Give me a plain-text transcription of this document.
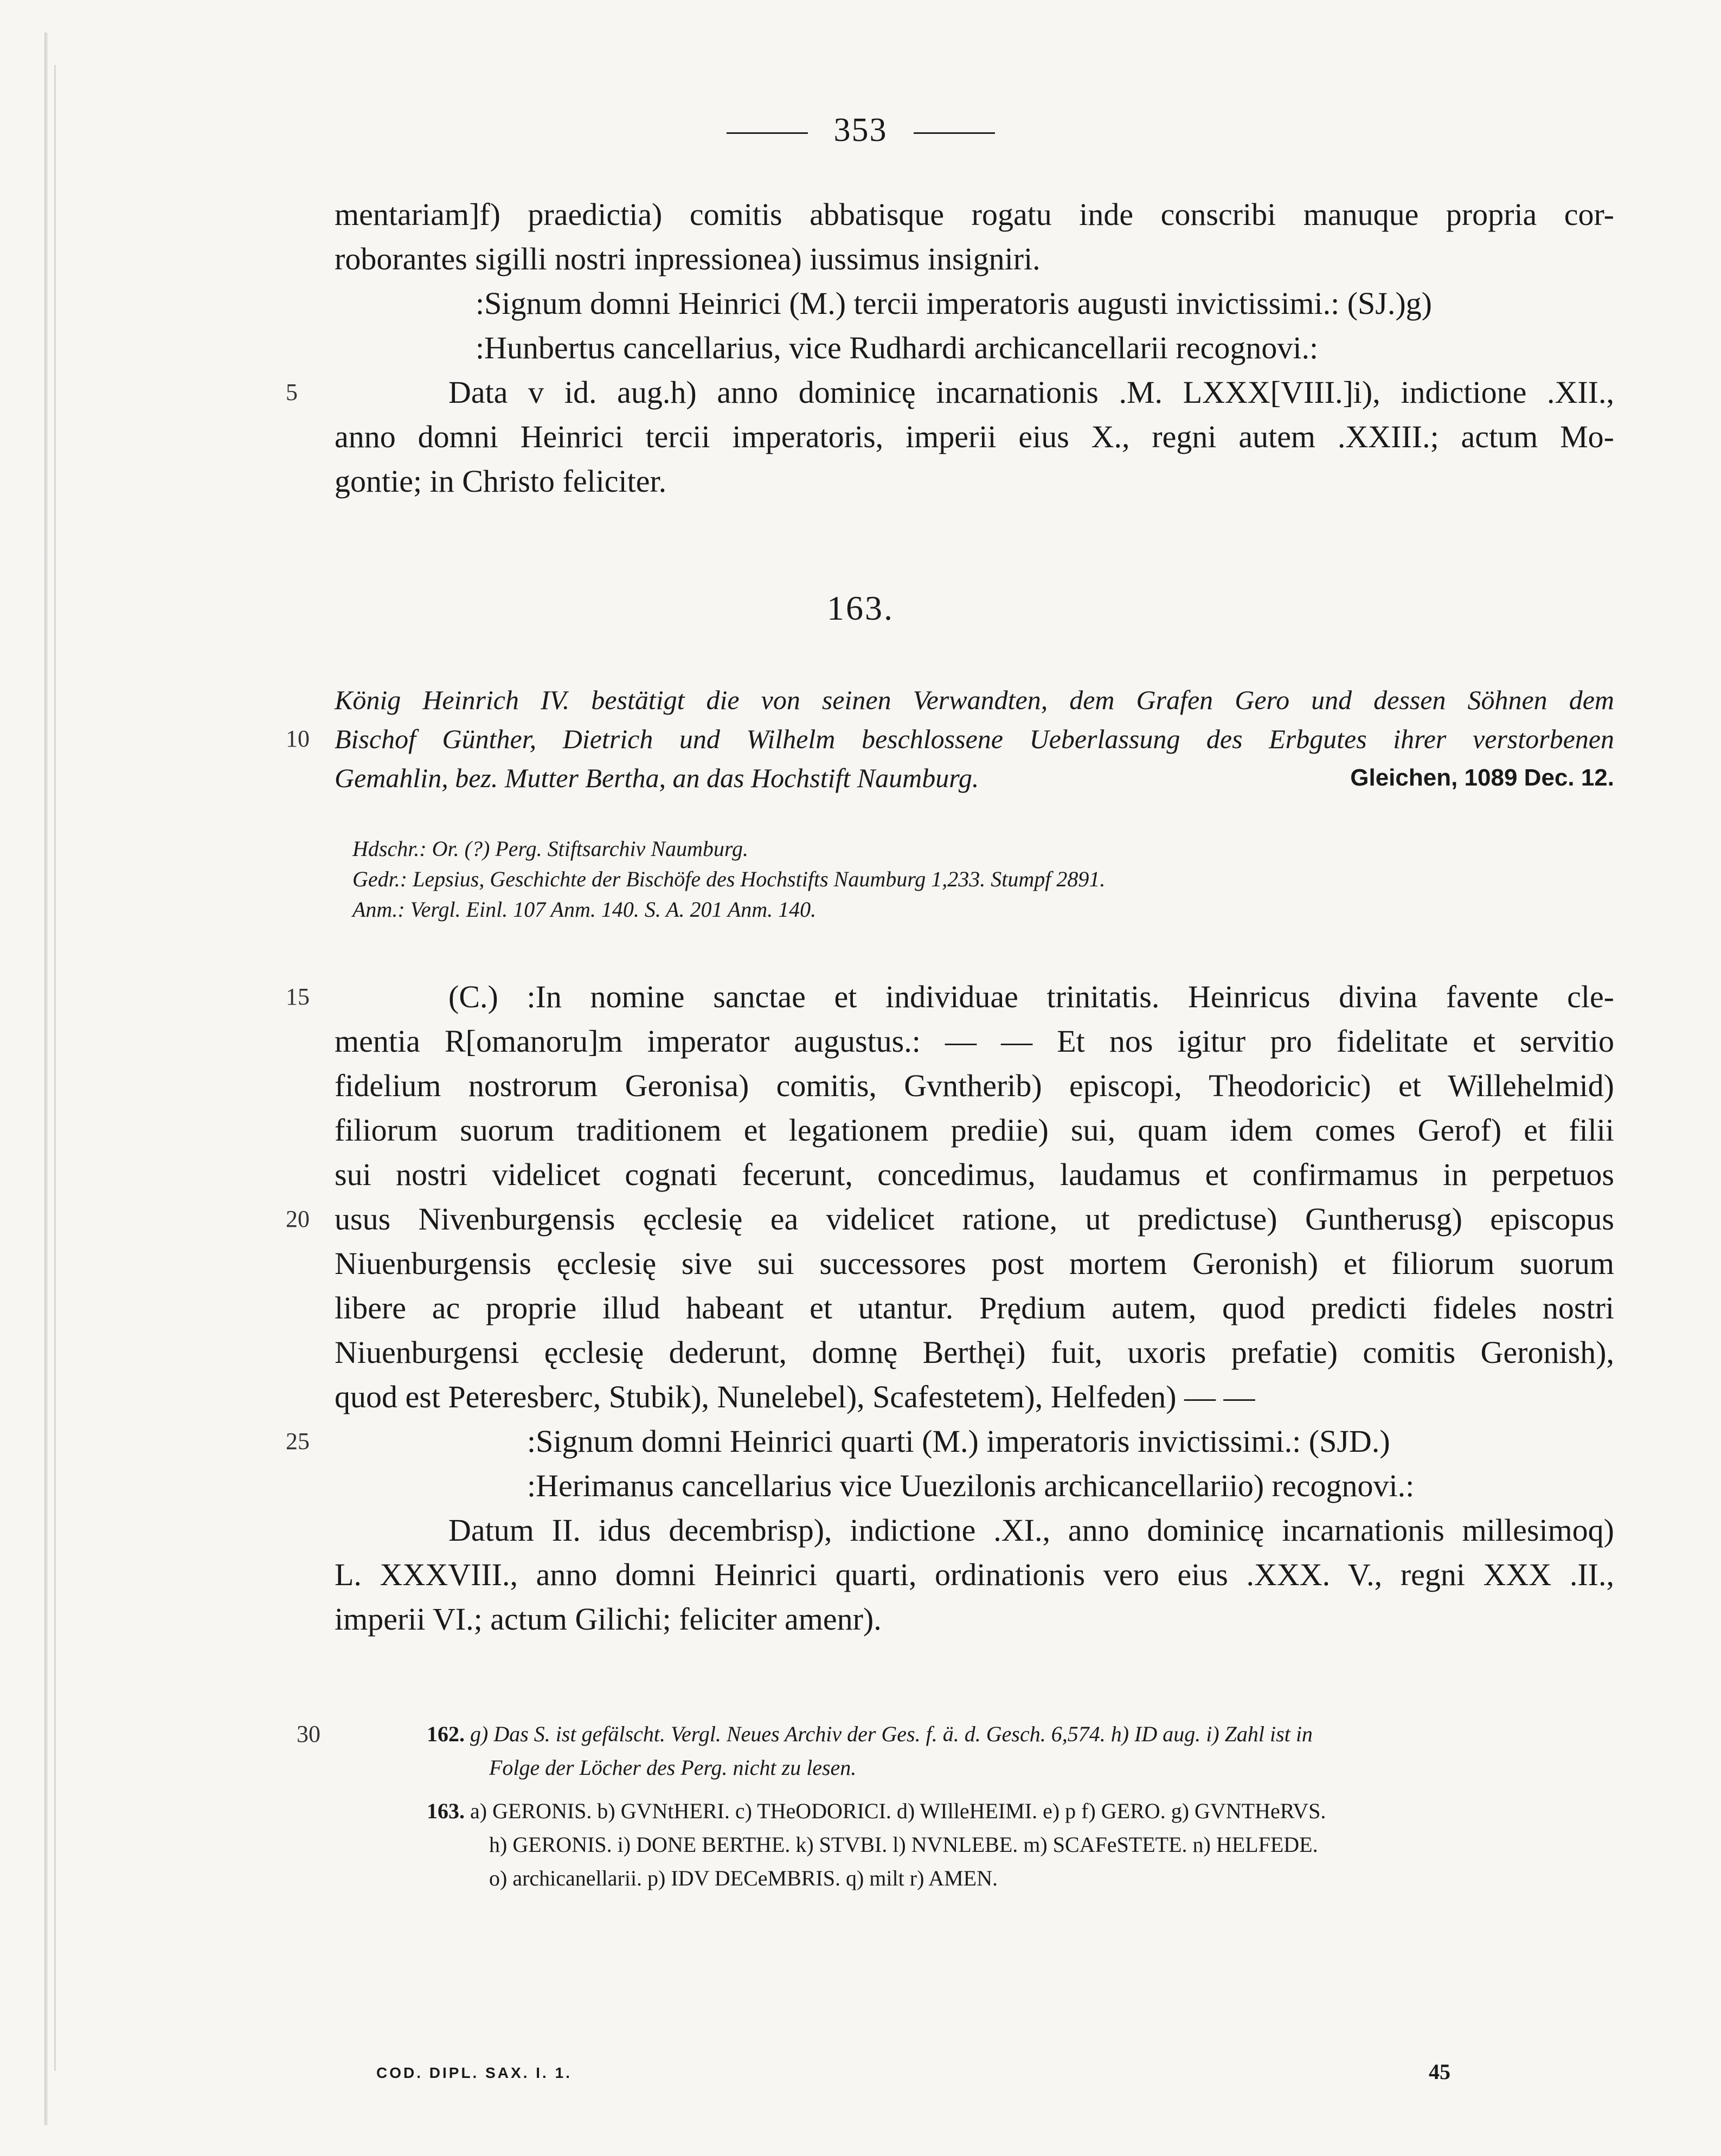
353
mentariam]f) praedictia) comitis abbatisque rogatu inde conscribi manuque propria cor-
roborantes sigilli nostri inpressionea) iussimus insigniri.
:Signum domni Heinrici (M.) tercii imperatoris augusti invictissimi.: (SJ.)g)
:Hunbertus cancellarius, vice Rudhardi archicancellarii recognovi.:
5	Data v id. aug.h) anno dominicę incarnationis .M. LXXX[VIII.]i), indictione .XII.,
anno domni Heinrici tercii imperatoris, imperii eius X., regni autem .XXIII.; actum Mo-
gontie; in Christo feliciter.
163.
König Heinrich IV. bestätigt die von seinen Verwandten, dem Grafen Gero und dessen Söhnen dem
10 Bischof Günther, Dietrich und Wilhelm beschlossene Ueberlassung des Erbgutes ihrer verstorbenen
Gemahlin, bez. Mutter Bertha, an das Hochstift Naumburg.	Gleichen, 1089 Dec. 12.
Hdschr.: Or. (?) Perg. Stiftsarchiv Naumburg.
Gedr.: Lepsius, Geschichte der Bischöfe des Hochstifts Naumburg 1,233. Stumpf 2891.
Anm.: Vergl. Einl. 107 Anm. 140. S. A. 201 Anm. 140.
15	(C.) :In nomine sanctae et individuae trinitatis. Heinricus divina favente cle-
mentia R[omanoru]m imperator augustus.: — — Et nos igitur pro fidelitate et servitio
fidelium nostrorum Geronisa) comitis, Gvntherib) episcopi, Theodoricic) et Willehelmid)
filiorum suorum traditionem et legationem prediie) sui, quam idem comes Gerof) et filii
sui nostri videlicet cognati fecerunt, concedimus, laudamus et confirmamus in perpetuos
20 usus Nivenburgensis ęcclesię ea videlicet ratione, ut predictuse) Guntherusg) episcopus
Niuenburgensis ęcclesię sive sui successores post mortem Geronish) et filiorum suorum
libere ac proprie illud habeant et utantur. Prędium autem, quod predicti fideles nostri
Niuenburgensi ęcclesię dederunt, domnę Berthęi) fuit, uxoris prefatie) comitis Geronish),
quod est Peteresberc, Stubik), Nunelebel), Scafestetem), Helfeden) — —
25	:Signum domni Heinrici quarti (M.) imperatoris invictissimi.: (SJD.)
:Herimanus cancellarius vice Uuezilonis archicancellariio) recognovi.:
Datum II. idus decembrisp), indictione .XI., anno dominicę incarnationis millesimoq)
L. XXXVIII., anno domni Heinrici quarti, ordinationis vero eius .XXX. V., regni XXX .II.,
imperii VI.; actum Gilichi; feliciter amenr).
30	162. g) Das S. ist gefälscht. Vergl. Neues Archiv der Ges. f. ä. d. Gesch. 6,574. h) ID aug. i) Zahl ist in
Folge der Löcher des Perg. nicht zu lesen.
163. a) GERONIS. b) GVNtHERI. c) THeODORICI. d) WIlleHEIMI. e) p f) GERO. g) GVNTHeRVS.
h) GERONIS. i) DONE BERTHE. k) STVBI. l) NVNLEBE. m) SCAFeSTETE. n) HELFEDE.
o) archicanellarii. p) IDV DECeMBRIS. q) milt r) AMEN.
COD. DIPL. SAX. I. 1.	45
